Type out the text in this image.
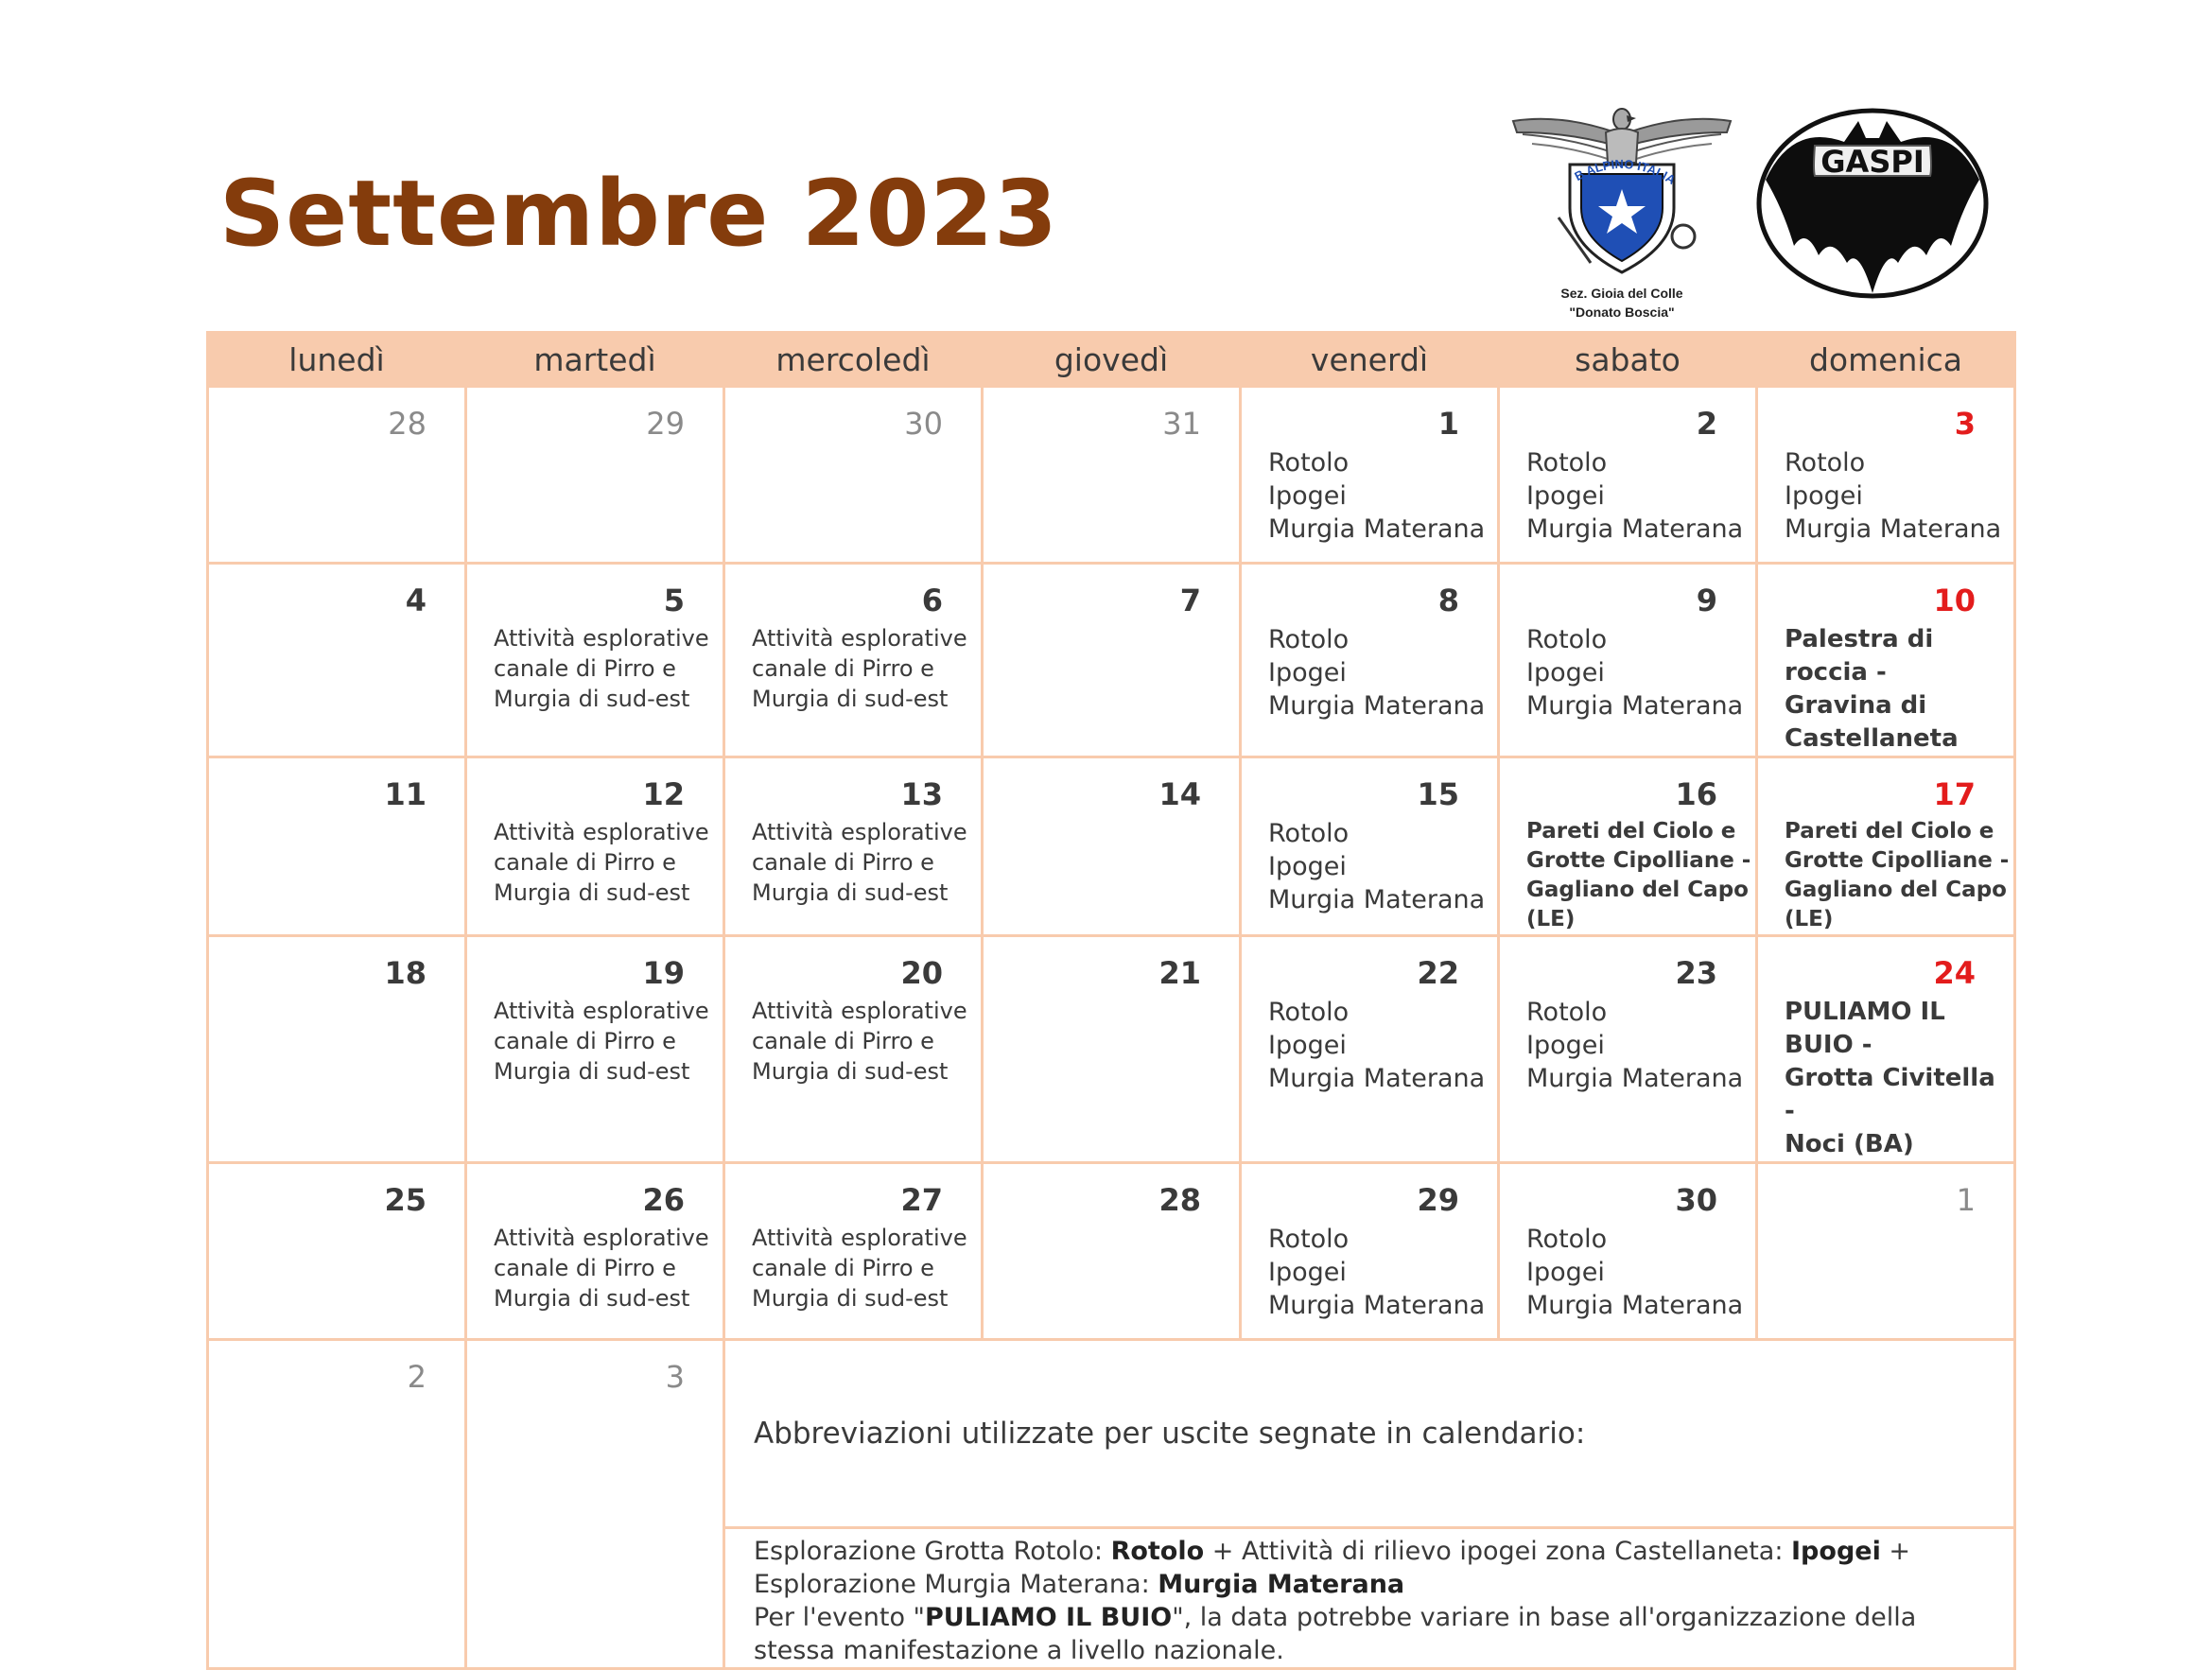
Settembre 2023	B ALPINO ITALIA
Sez. Gioia del Colle
"Donato Boscia"
GASPI
lunedì	martedì	mercoledì	giovedì	venerdì	sabato	domenica

28	29	30	31	1
Rotolo
Ipogei
Murgia Materana	2
Rotolo
Ipogei
Murgia Materana	3
Rotolo
Ipogei
Murgia Materana

4	5
Attività esplorative
canale di Pirro e
Murgia di sud-est	6
Attività esplorative
canale di Pirro e
Murgia di sud-est	7	8
Rotolo
Ipogei
Murgia Materana	9
Rotolo
Ipogei
Murgia Materana	10
Palestra di roccia -
Gravina di
Castellaneta

11	12
Attività esplorative
canale di Pirro e
Murgia di sud-est	13
Attività esplorative
canale di Pirro e
Murgia di sud-est	14	15
Rotolo
Ipogei
Murgia Materana	16
Pareti del Ciolo e
Grotte Cipolliane -
Gagliano del Capo
(LE)	17
Pareti del Ciolo e
Grotte Cipolliane -
Gagliano del Capo
(LE)

18	19
Attività esplorative
canale di Pirro e
Murgia di sud-est	20
Attività esplorative
canale di Pirro e
Murgia di sud-est	21	22
Rotolo
Ipogei
Murgia Materana	23
Rotolo
Ipogei
Murgia Materana	24
PULIAMO IL BUIO -
Grotta Civitella -
Noci (BA)

25	26
Attività esplorative
canale di Pirro e
Murgia di sud-est	27
Attività esplorative
canale di Pirro e
Murgia di sud-est	28	29
Rotolo
Ipogei
Murgia Materana	30
Rotolo
Ipogei
Murgia Materana	1

2	3	Abbreviazioni utilizzate per uscite segnate in calendario:				
		Esplorazione Grotta Rotolo: Rotolo + Attività di rilievo ipogei zona Castellaneta: Ipogei + Esplorazione Murgia Materana: Murgia Materana
Per l'evento "PULIAMO IL BUIO", la data potrebbe variare in base all'organizzazione della stessa manifestazione a livello nazionale.				
